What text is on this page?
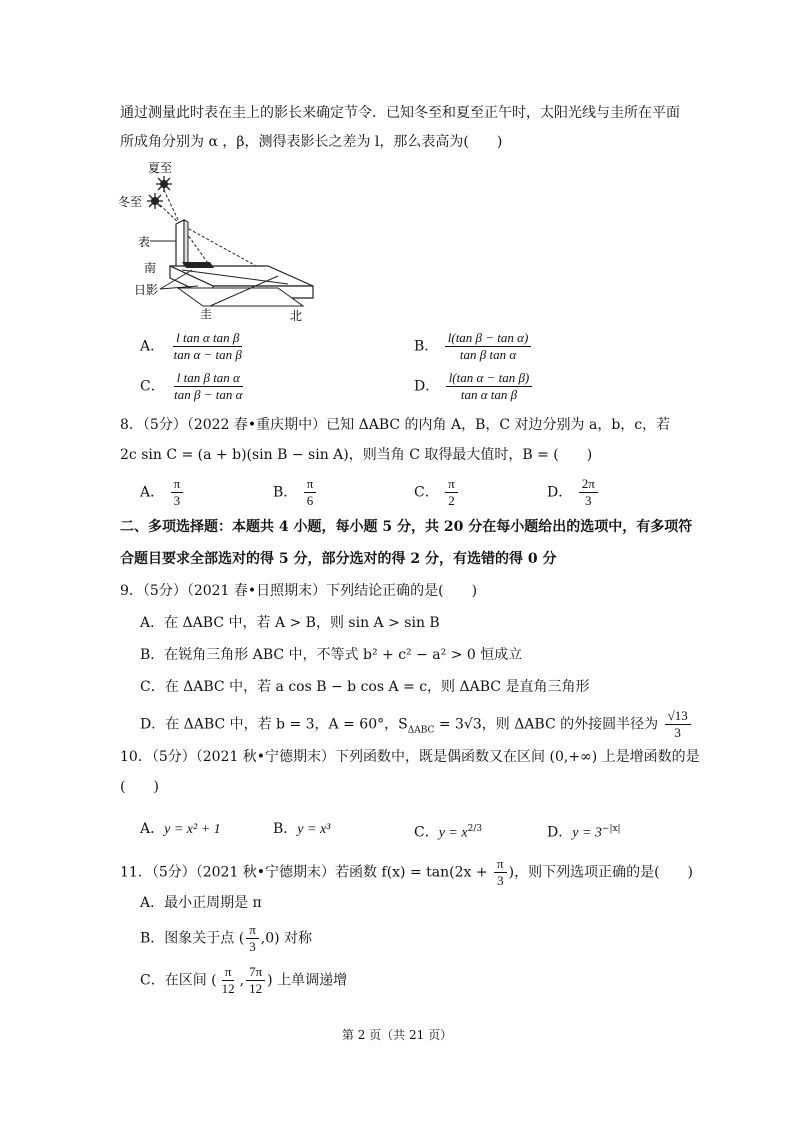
通过测量此时表在圭上的影长来确定节令．已知冬至和夏至正午时，太阳光线与圭所在平面
所成角分别为 α ，β，测得表影长之差为 l，那么表高为(　　)
夏至
冬至
表
南
日影
圭	北
A． $\frac{\text{l tan α tan β}}{\text{tan α − tan β}}$	B． $\frac{\text{l(tan β − tan α)}}{\text{tan β tan α}}$
C． $\frac{\text{l tan β tan α}}{\text{tan β − tan α}}$	D． $\frac{\text{l(tan α − tan β)}}{\text{tan α tan β}}$
8．（5分）（2022 春•重庆期中）已知 ΔABC 的内角 A，B，C 对边分别为 a，b，c，若
2c sin C = (a + b)(sin B − sin A)，则当角 C 取得最大值时，B = (　　)
A． $\frac{\pi}{3}$	B． $\frac{\pi}{6}$	C． $\frac{\pi}{2}$	D． $\frac{2\pi}{3}$
二、多项选择题：本题共 4 小题，每小题 5 分，共 20 分在每小题给出的选项中，有多项符
合题目要求全部选对的得 5 分，部分选对的得 2 分，有选错的得 0 分
9．（5分）（2021 春•日照期末）下列结论正确的是(　　)
A．在 ΔABC 中，若 A > B，则 sin A > sin B
B．在锐角三角形 ABC 中，不等式 b² + c² − a² > 0 恒成立
C．在 ΔABC 中，若 a cos B − b cos A = c，则 ΔABC 是直角三角形
D．在 ΔABC 中，若 b = 3，A = 60°，$S_{\Delta ABC} = 3√3$，则 ΔABC 的外接圆半径为 $\frac{√13}{3}$
10．（5分）（2021 秋•宁德期末）下列函数中，既是偶函数又在区间 (0,+∞) 上是增函数的是
(　　)
A．y = x² + 1	B．y = x³	C．$y = x^{2/3}$	D．$y = 3^{-|x|}$
11．（5分）（2021 秋•宁德期末）若函数 $f(x) = \tan(2x + \frac{\pi}{3}$ )，则下列选项正确的是(　　)
A．最小正周期是 π
B．图象关于点 ( $\frac{\pi}{3} ,0$) 对称
C．在区间 ( $\frac{\pi}{12}$ , $\frac{7\pi}{12}$ ) 上单调递增
第 2 页（共 21 页）
